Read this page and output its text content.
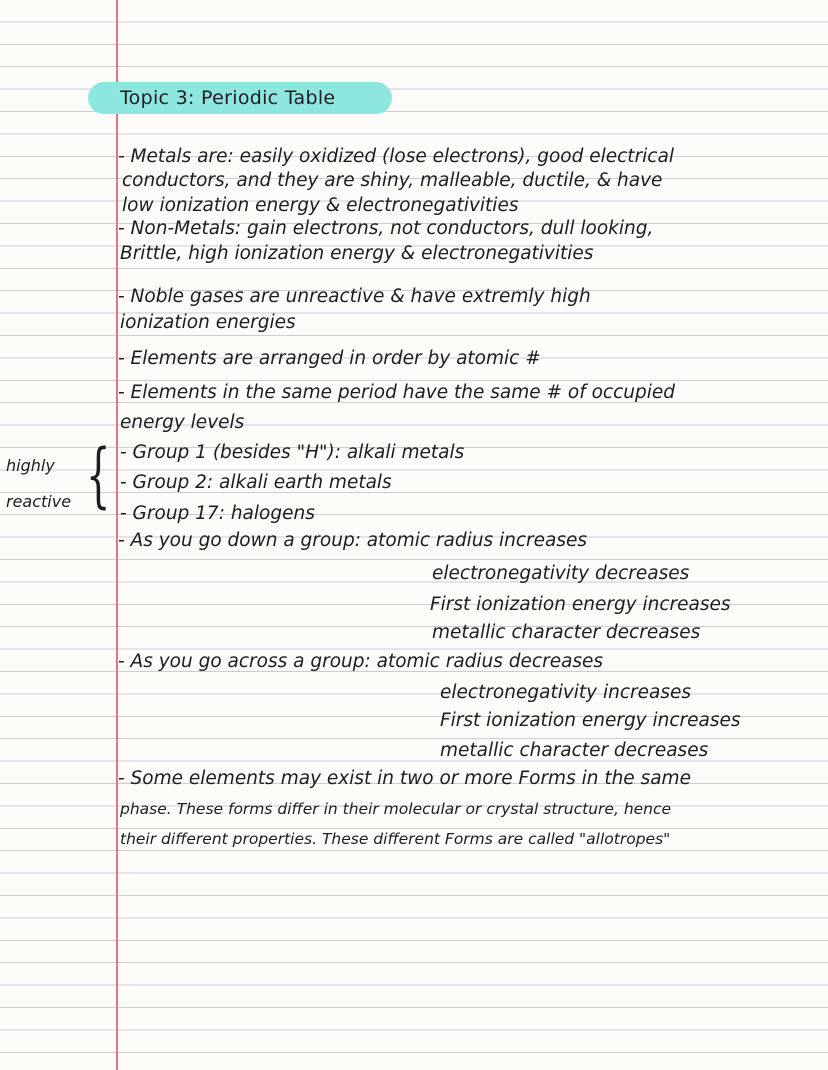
Topic 3: Periodic Table
- Metals are: easily oxidized (lose electrons), good electrical
conductors, and they are shiny, malleable, ductile, & have
low ionization energy & electronegativities
- Non-Metals: gain electrons, not conductors, dull looking,
Brittle, high ionization energy & electronegativities
- Noble gases are unreactive & have extremly high
ionization energies
- Elements are arranged in order by atomic #
- Elements in the same period have the same # of occupied
energy levels
- Group 1 (besides "H"): alkali metals
- Group 2: alkali earth metals
- Group 17: halogens
- As you go down a group: atomic radius increases
electronegativity decreases
First ionization energy increases
metallic character decreases
- As you go across a group: atomic radius decreases
electronegativity increases
First ionization energy increases
metallic character decreases
- Some elements may exist in two or more Forms in the same
phase. These forms differ in their molecular or crystal structure, hence
their different properties. These different Forms are called "allotropes"
highly
reactive {
